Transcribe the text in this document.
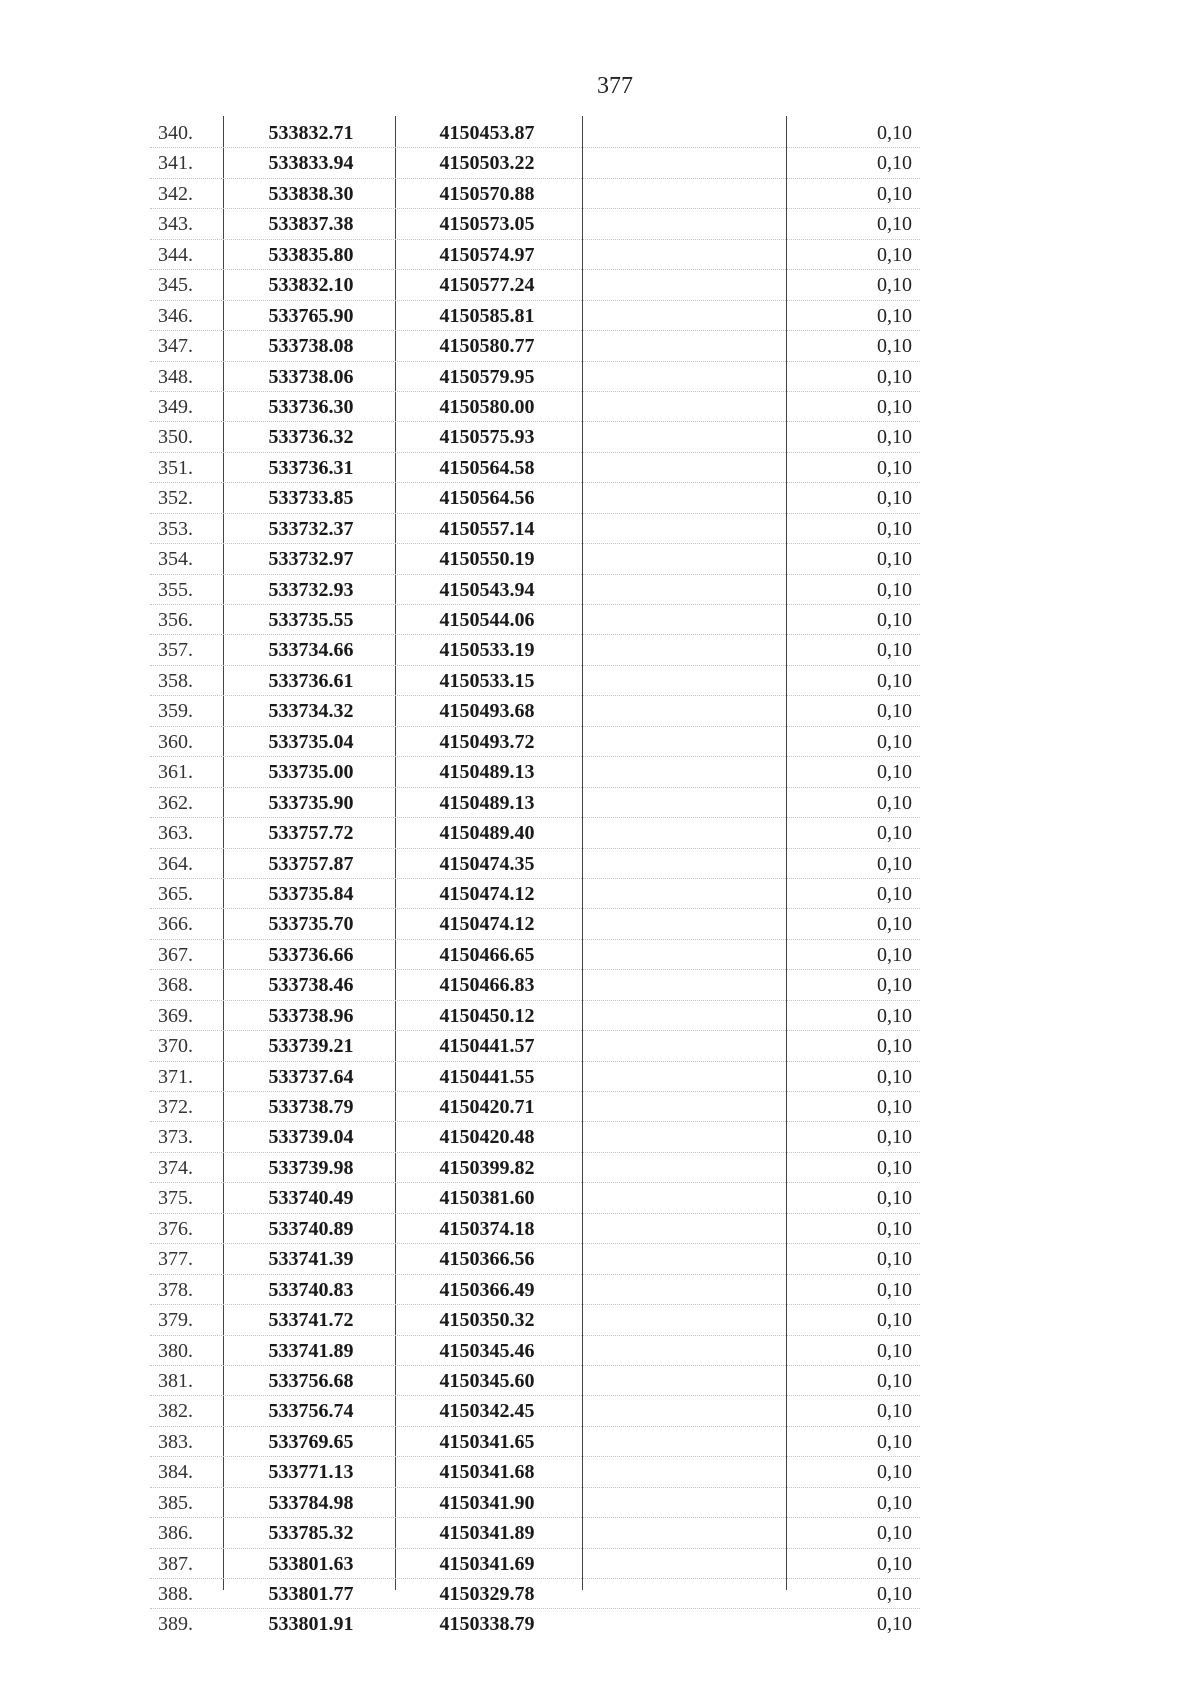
377
340.	533832.71	4150453.87	0,10
341.	533833.94	4150503.22	0,10
342.	533838.30	4150570.88	0,10
343.	533837.38	4150573.05	0,10
344.	533835.80	4150574.97	0,10
345.	533832.10	4150577.24	0,10
346.	533765.90	4150585.81	0,10
347.	533738.08	4150580.77	0,10
348.	533738.06	4150579.95	0,10
349.	533736.30	4150580.00	0,10
350.	533736.32	4150575.93	0,10
351.	533736.31	4150564.58	0,10
352.	533733.85	4150564.56	0,10
353.	533732.37	4150557.14	0,10
354.	533732.97	4150550.19	0,10
355.	533732.93	4150543.94	0,10
356.	533735.55	4150544.06	0,10
357.	533734.66	4150533.19	0,10
358.	533736.61	4150533.15	0,10
359.	533734.32	4150493.68	0,10
360.	533735.04	4150493.72	0,10
361.	533735.00	4150489.13	0,10
362.	533735.90	4150489.13	0,10
363.	533757.72	4150489.40	0,10
364.	533757.87	4150474.35	0,10
365.	533735.84	4150474.12	0,10
366.	533735.70	4150474.12	0,10
367.	533736.66	4150466.65	0,10
368.	533738.46	4150466.83	0,10
369.	533738.96	4150450.12	0,10
370.	533739.21	4150441.57	0,10
371.	533737.64	4150441.55	0,10
372.	533738.79	4150420.71	0,10
373.	533739.04	4150420.48	0,10
374.	533739.98	4150399.82	0,10
375.	533740.49	4150381.60	0,10
376.	533740.89	4150374.18	0,10
377.	533741.39	4150366.56	0,10
378.	533740.83	4150366.49	0,10
379.	533741.72	4150350.32	0,10
380.	533741.89	4150345.46	0,10
381.	533756.68	4150345.60	0,10
382.	533756.74	4150342.45	0,10
383.	533769.65	4150341.65	0,10
384.	533771.13	4150341.68	0,10
385.	533784.98	4150341.90	0,10
386.	533785.32	4150341.89	0,10
387.	533801.63	4150341.69	0,10
388.	533801.77	4150329.78	0,10
389.	533801.91	4150338.79	0,10
